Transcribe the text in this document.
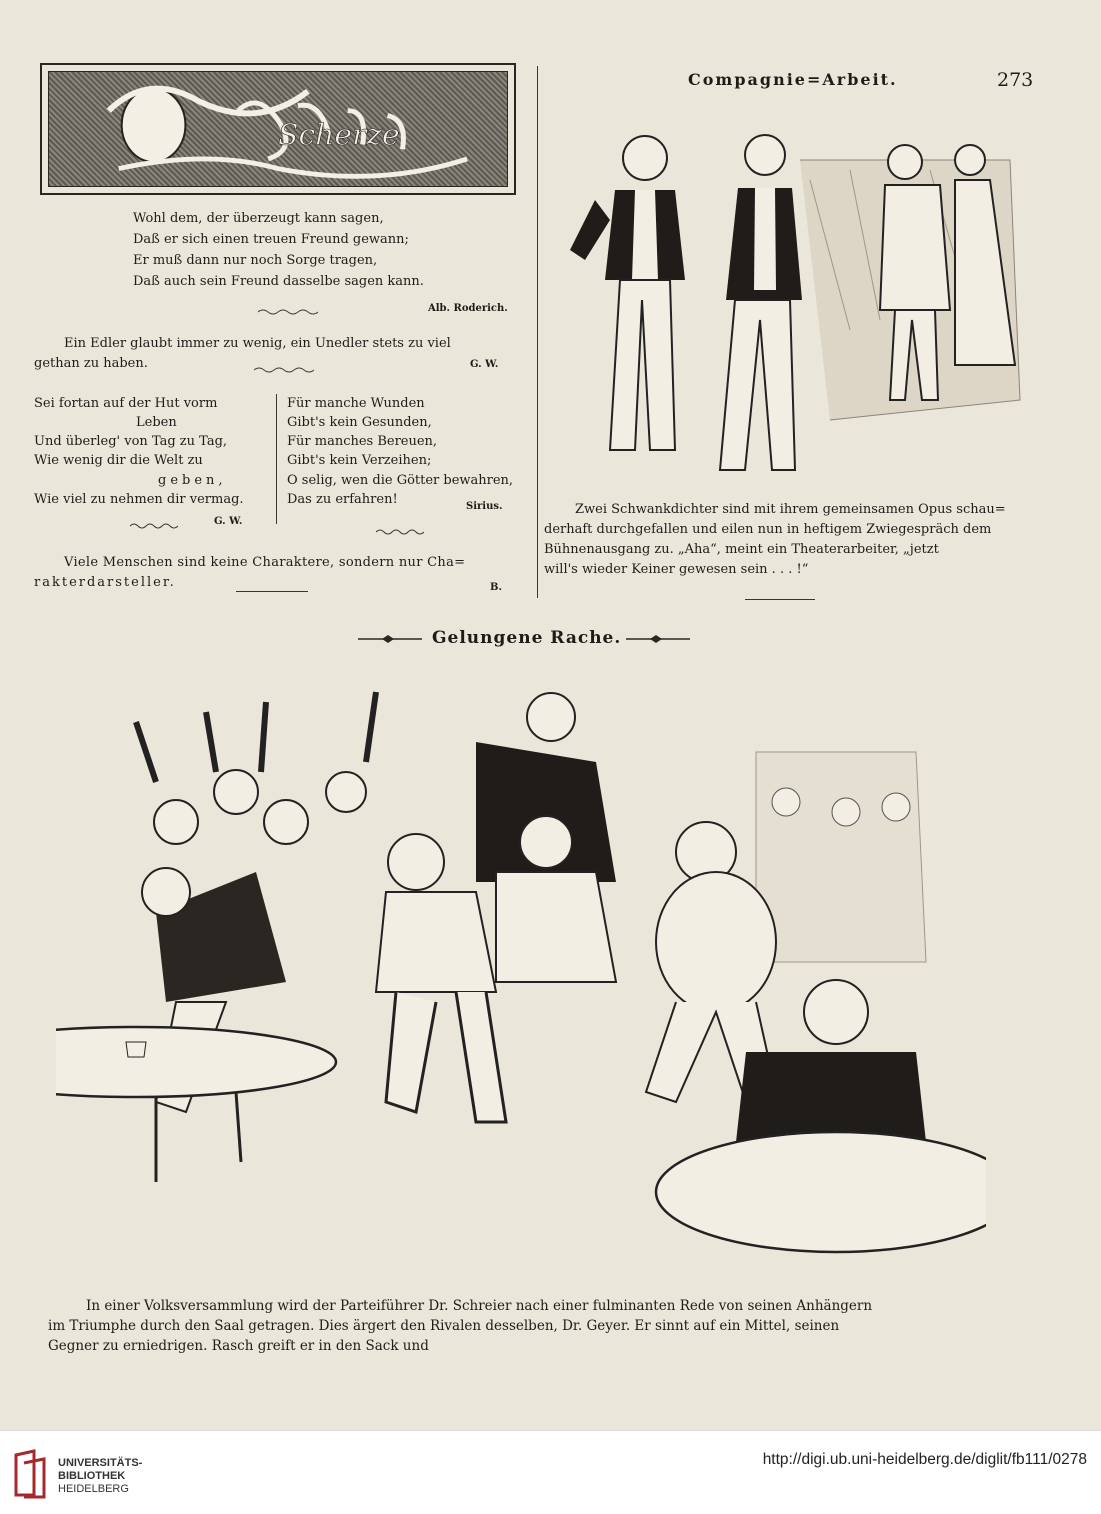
Scherze
Compagnie=Arbeit.	273
Wohl dem, der überzeugt kann sagen,
Daß er sich einen treuen Freund gewann;
Er muß dann nur noch Sorge tragen,
Daß auch sein Freund dasselbe sagen kann.
Alb. Roderich.
Ein Edler glaubt immer zu wenig, ein Unedler stets zu viel
gethan zu haben.	G. W.
Sei fortan auf der Hut vorm
Leben
Und überleg' von Tag zu Tag,
Wie wenig dir die Welt zu
geben,
Wie viel zu nehmen dir vermag.
G. W.
Für manche Wunden
Gibt's kein Gesunden,
Für manches Bereuen,
Gibt's kein Verzeihen;
O selig, wen die Götter bewahren,
Das zu erfahren!	Sirius.
Viele Menschen sind keine Charaktere, sondern nur Cha=
rakterdarsteller.	B.
Zwei Schwankdichter sind mit ihrem gemeinsamen Opus schau=
derhaft durchgefallen und eilen nun in heftigem Zwiegespräch dem
Bühnenausgang zu. „Aha“, meint ein Theaterarbeiter, „jetzt
will's wieder Keiner gewesen sein . . . !“
Gelungene Rache.
In einer Volksversammlung wird der Parteiführer Dr. Schreier nach einer fulminanten Rede von seinen Anhängern
im Triumphe durch den Saal getragen. Dies ärgert den Rivalen desselben, Dr. Geyer. Er sinnt auf ein Mittel, seinen
Gegner zu erniedrigen. Rasch greift er in den Sack und
UNIVERSITÄTS-
BIBLIOTHEK
HEIDELBERG
http://digi.ub.uni-heidelberg.de/diglit/fb111/0278
